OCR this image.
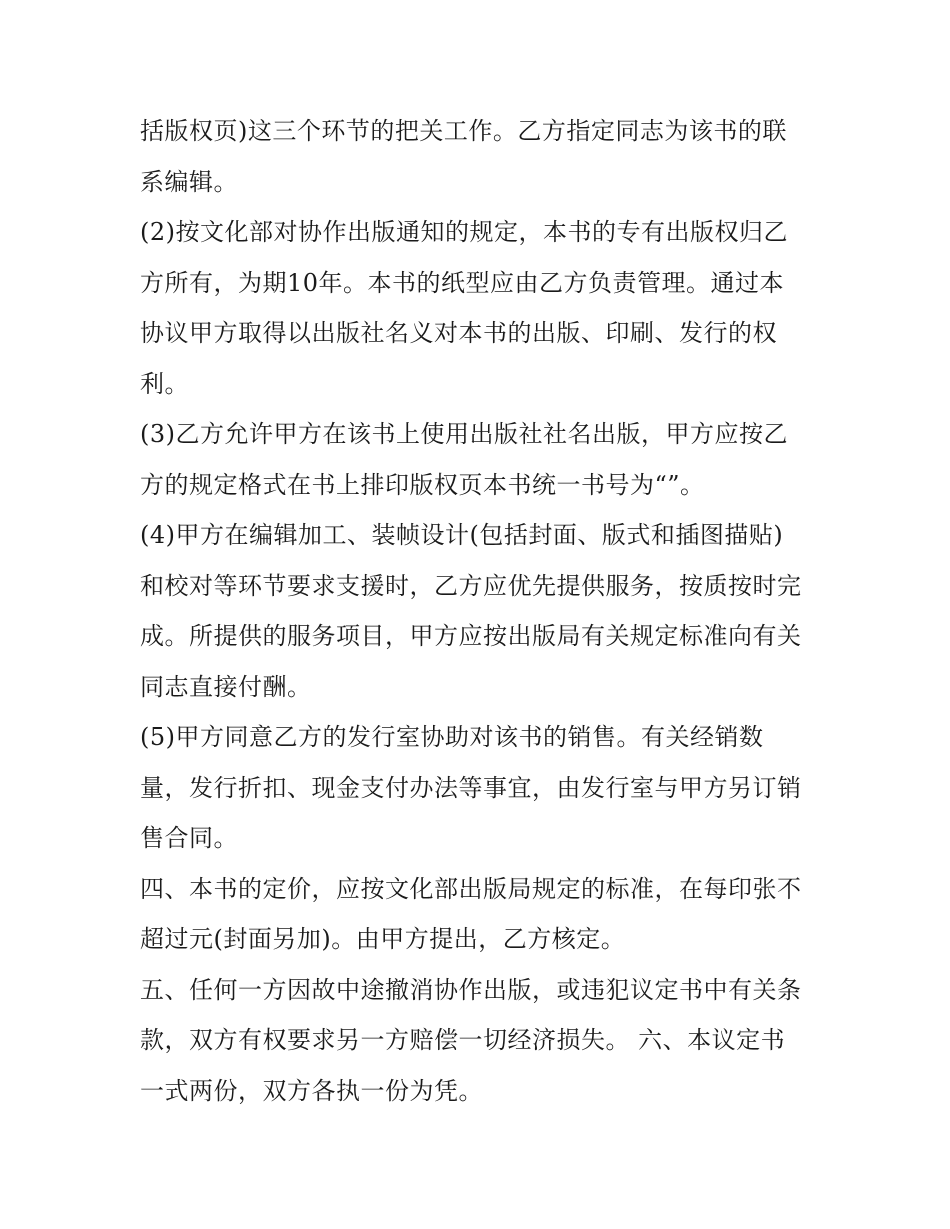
括版权页)这三个环节的把关工作。乙方指定同志为该书的联
系编辑。
(2)按文化部对协作出版通知的规定，本书的专有出版权归乙
方所有，为期10年。本书的纸型应由乙方负责管理。通过本
协议甲方取得以出版社名义对本书的出版、印刷、发行的权
利。
(3)乙方允许甲方在该书上使用出版社社名出版，甲方应按乙
方的规定格式在书上排印版权页本书统一书号为“”。
(4)甲方在编辑加工、装帧设计(包括封面、版式和插图描贴)
和校对等环节要求支援时，乙方应优先提供服务，按质按时完
成。所提供的服务项目，甲方应按出版局有关规定标准向有关
同志直接付酬。
(5)甲方同意乙方的发行室协助对该书的销售。有关经销数
量，发行折扣、现金支付办法等事宜，由发行室与甲方另订销
售合同。
四、本书的定价，应按文化部出版局规定的标准，在每印张不
超过元(封面另加)。由甲方提出，乙方核定。
五、任何一方因故中途撤消协作出版，或违犯议定书中有关条
款，双方有权要求另一方赔偿一切经济损失。 六、本议定书
一式两份，双方各执一份为凭。
